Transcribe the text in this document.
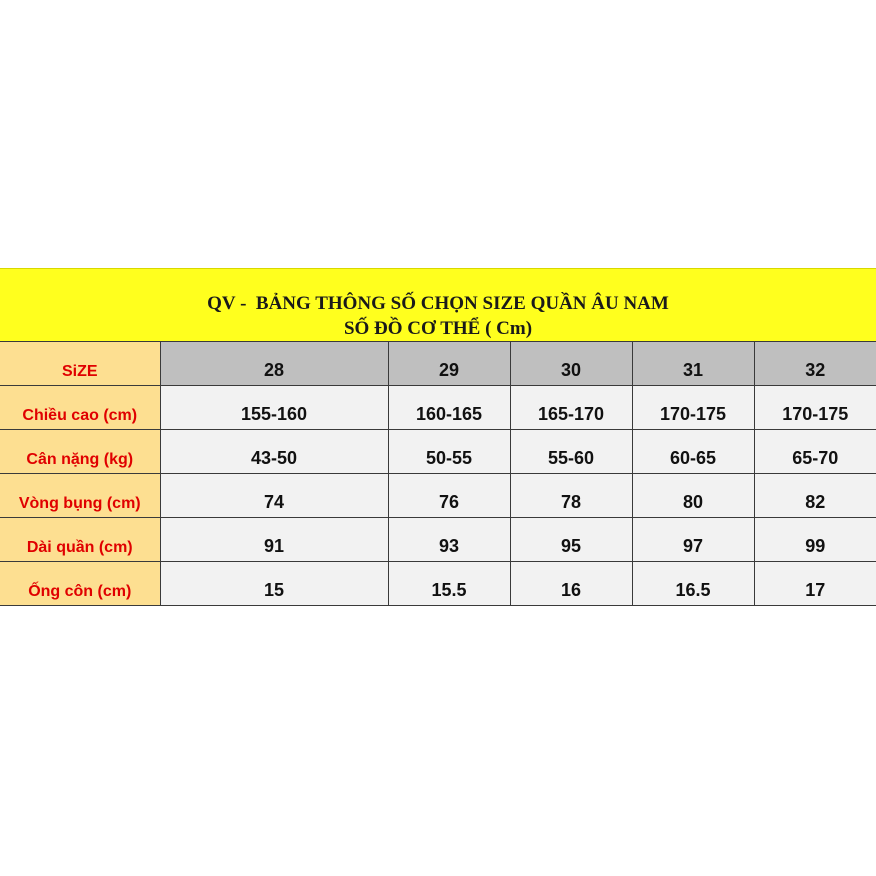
QV -  BẢNG THÔNG SỐ CHỌN SIZE QUẦN ÂU NAM
SỐ ĐỒ CƠ THỂ ( Cm)
SiZE	28	29	30	31	32
Chiều cao (cm)	155-160	160-165	165-170	170-175	170-175
Cân nặng (kg)	43-50	50-55	55-60	60-65	65-70
Vòng bụng (cm)	74	76	78	80	82
Dài quần (cm)	91	93	95	97	99
Ống côn (cm)	15	15.5	16	16.5	17
